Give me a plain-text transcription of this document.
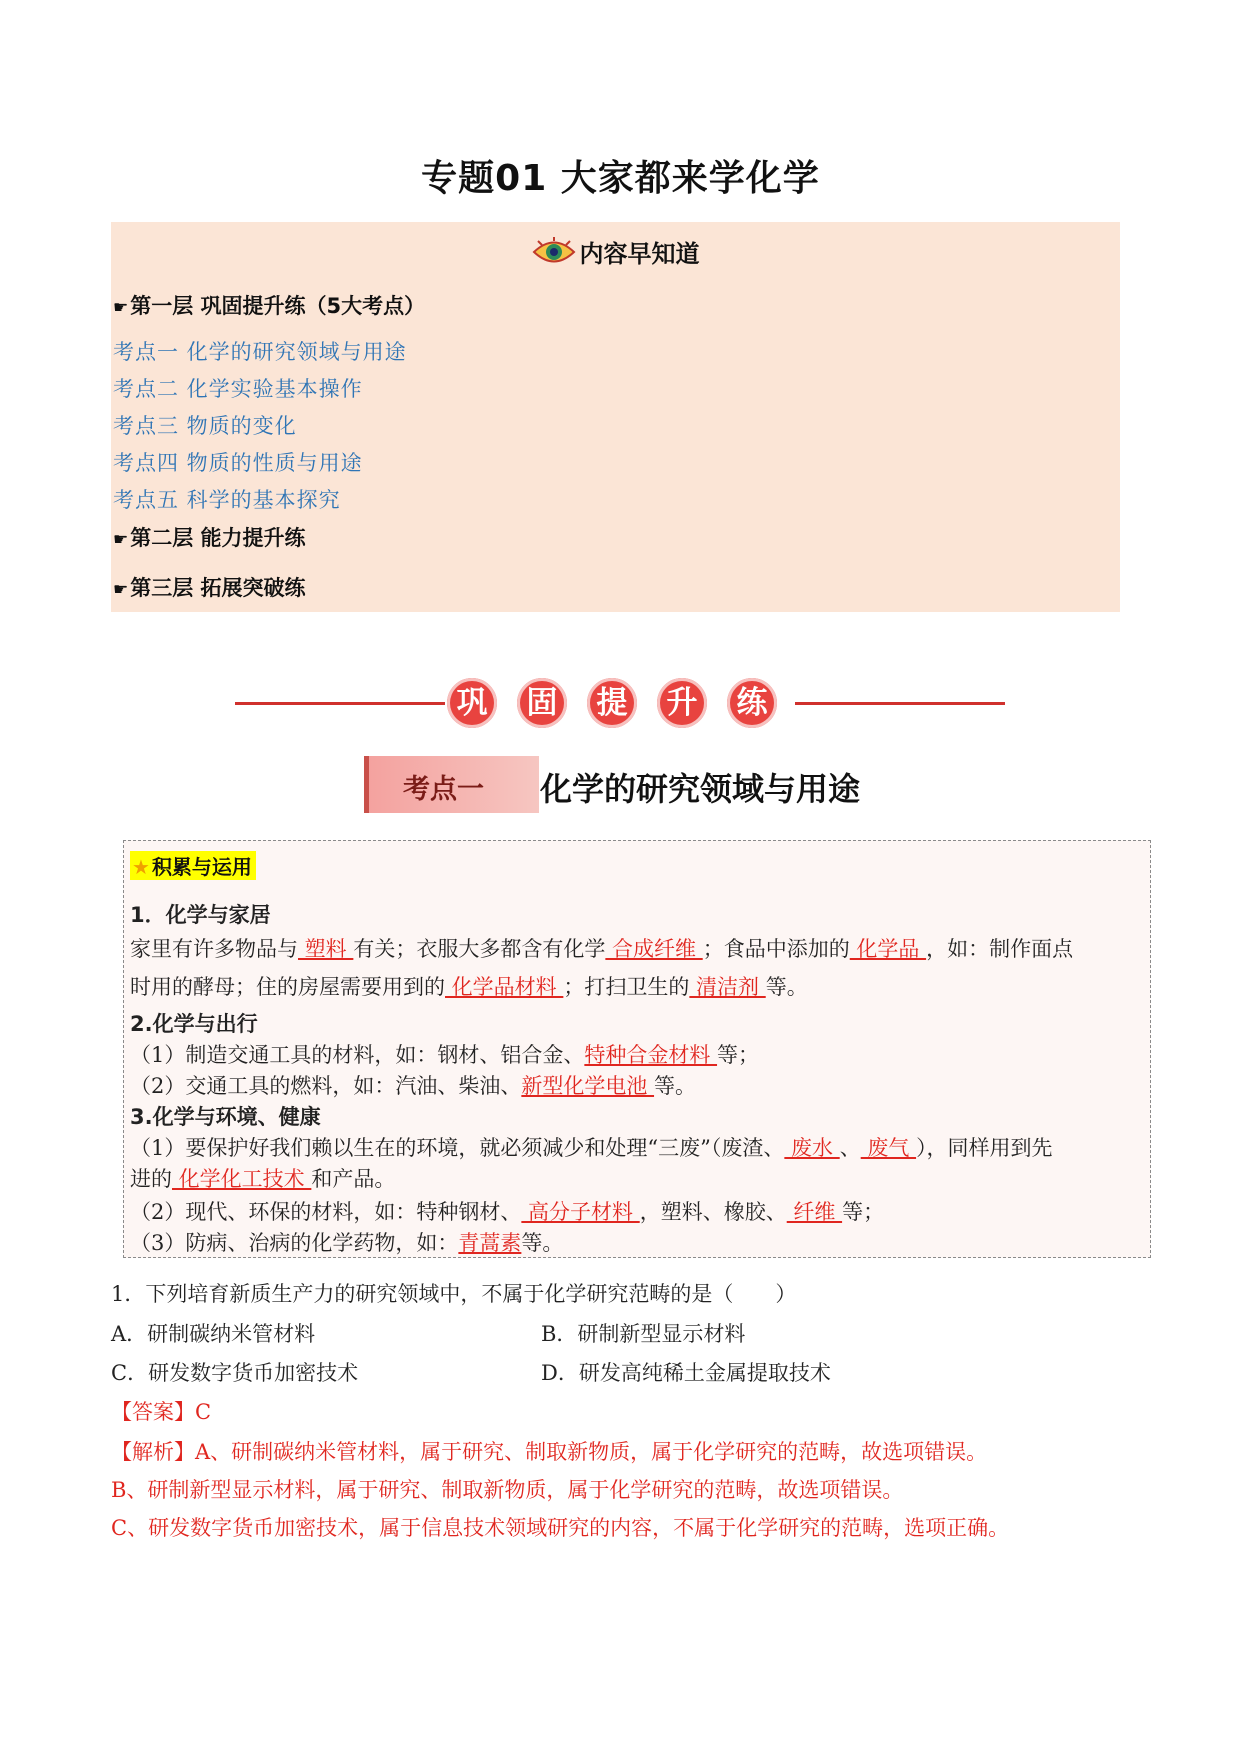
专题01 大家都来学化学
内容早知道
☛第一层 巩固提升练（5大考点）
考点一 化学的研究领域与用途
考点二 化学实验基本操作
考点三 物质的变化
考点四 物质的性质与用途
考点五 科学的基本探究
☛第二层 能力提升练
☛第三层 拓展突破练
巩	固	提	升	练
考点一 化学的研究领域与用途
★ 积累与运用
1．化学与家居
家里有许多物品与 塑料 有关；衣服大多都含有化学 合成纤维 ；食品中添加的 化学品 ，如：制作面点
时用的酵母；住的房屋需要用到的 化学品材料 ；打扫卫生的 清洁剂 等。
2.化学与出行
（1）制造交通工具的材料，如：钢材、铝合金、特种合金材料 等；
（2）交通工具的燃料，如：汽油、柴油、新型化学电池 等。
3.化学与环境、健康
（1）要保护好我们赖以生在的环境，就必须减少和处理“三废”（废渣、 废水 、 废气 ），同样用到先
进的 化学化工技术 和产品。
（2）现代、环保的材料，如：特种钢材、 高分子材料 ，塑料、橡胶、 纤维 等；
（3）防病、治病的化学药物，如：青蒿素等。
1．下列培育新质生产力的研究领域中，不属于化学研究范畴的是（　　）
A．研制碳纳米管材料	B．研制新型显示材料
C．研发数字货币加密技术	D．研发高纯稀土金属提取技术
【答案】C
【解析】A、研制碳纳米管材料，属于研究、制取新物质，属于化学研究的范畴，故选项错误。
B、研制新型显示材料，属于研究、制取新物质，属于化学研究的范畴，故选项错误。
C、研发数字货币加密技术，属于信息技术领域研究的内容，不属于化学研究的范畴，选项正确。
